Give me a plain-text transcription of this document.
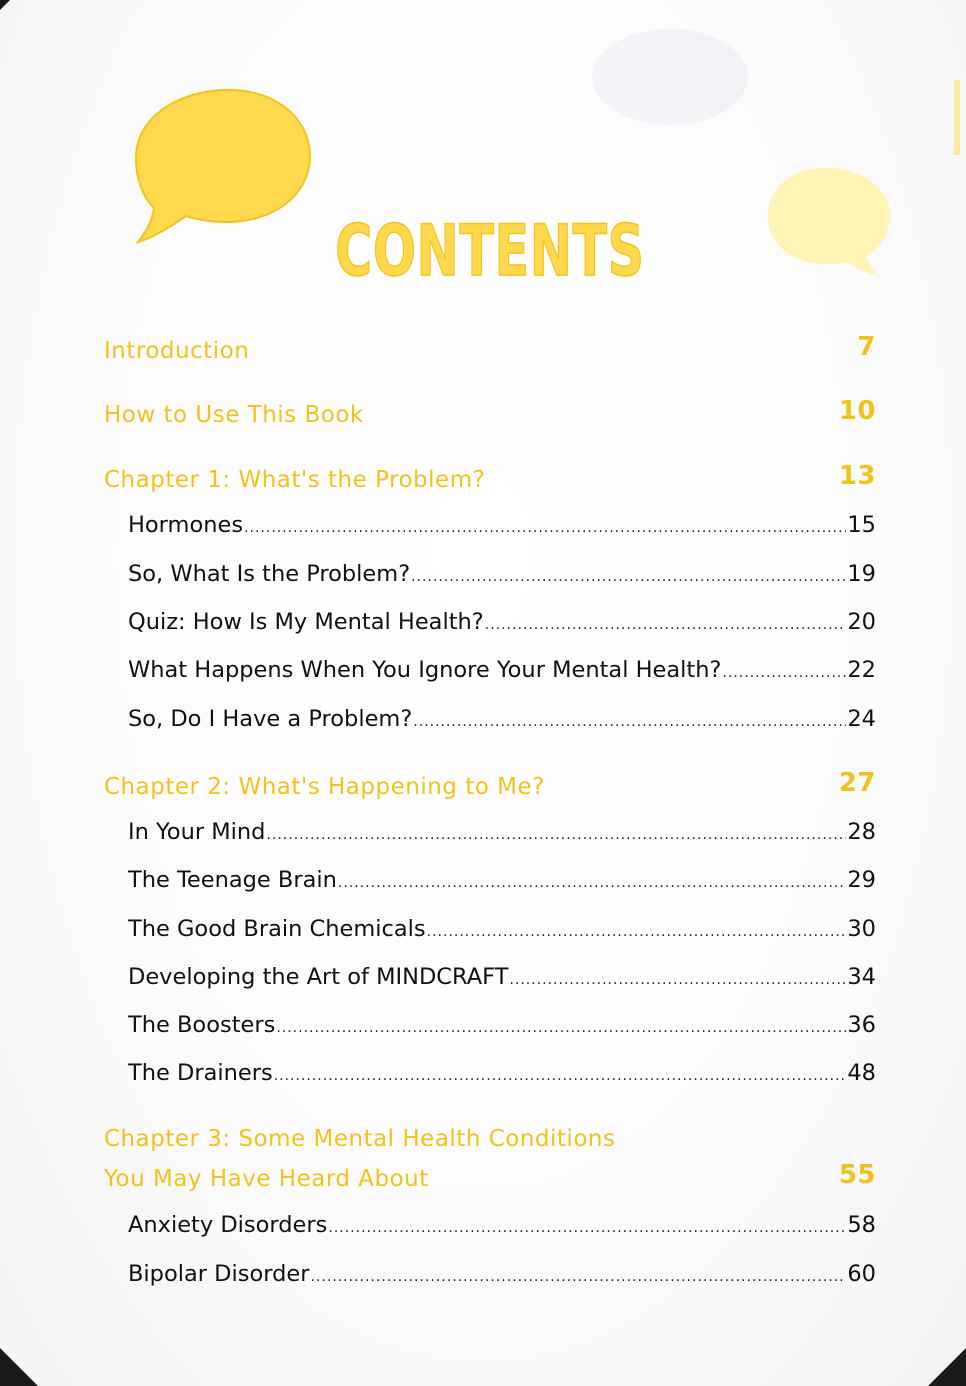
CONTENTS
Introduction	7
How to Use This Book	10
Chapter 1: What's the Problem?	13
Hormones .....	15
So, What Is the Problem? .....	19
Quiz: How Is My Mental Health? .....	20
What Happens When You Ignore Your Mental Health? .....	22
So, Do I Have a Problem? .....	24
Chapter 2: What's Happening to Me?	27
In Your Mind .....	28
The Teenage Brain .....	29
The Good Brain Chemicals .....	30
Developing the Art of MINDCRAFT .....	34
The Boosters .....	36
The Drainers .....	48
Chapter 3: Some Mental Health Conditions
You May Have Heard About	55
Anxiety Disorders .....	58
Bipolar Disorder .....	60
